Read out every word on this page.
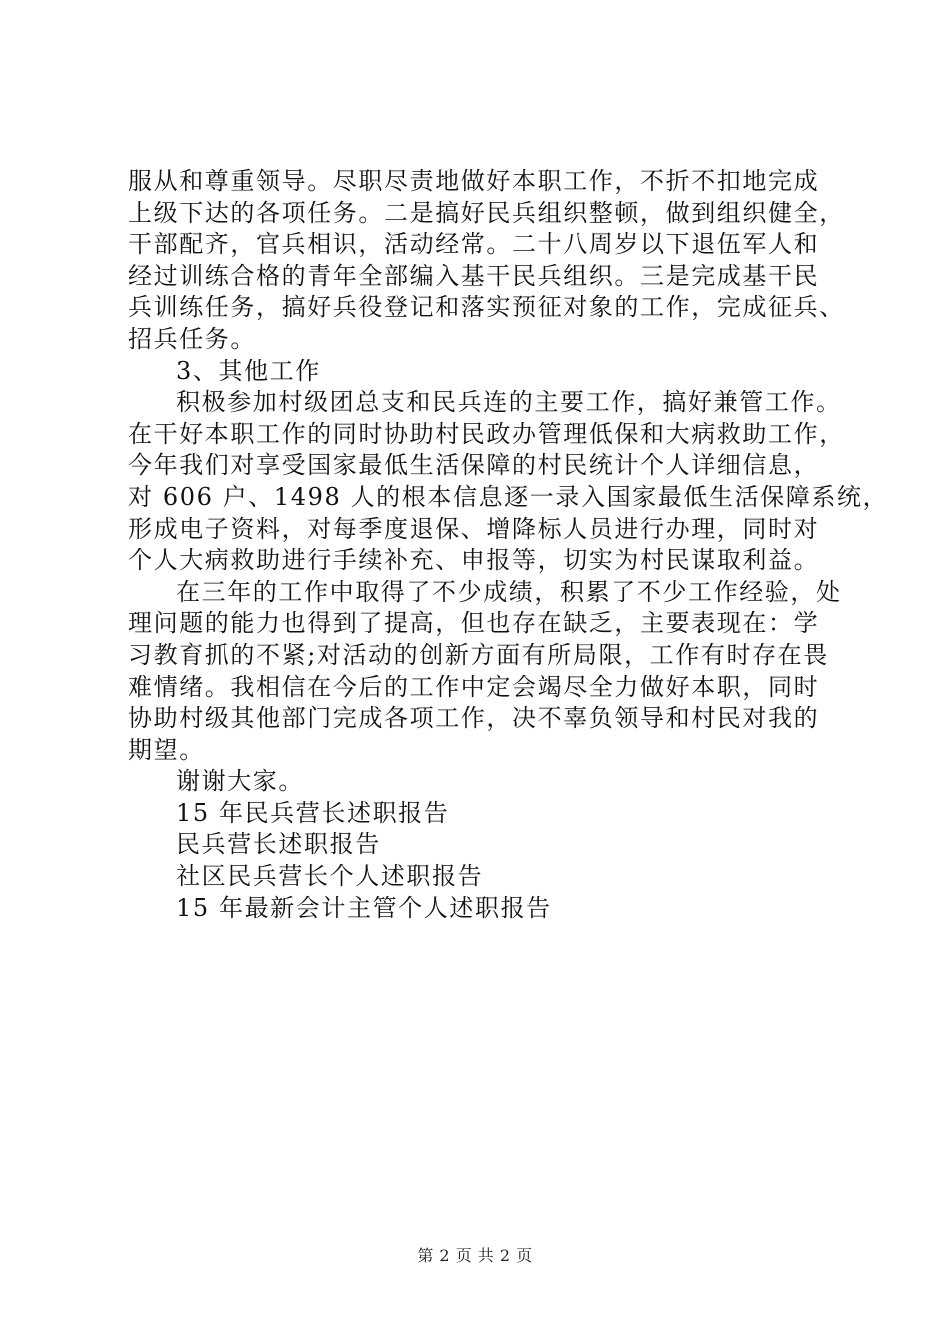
服从和尊重领导。尽职尽责地做好本职工作，不折不扣地完成
上级下达的各项任务。二是搞好民兵组织整顿，做到组织健全，
干部配齐，官兵相识，活动经常。二十八周岁以下退伍军人和
经过训练合格的青年全部编入基干民兵组织。三是完成基干民
兵训练任务，搞好兵役登记和落实预征对象的工作，完成征兵、
招兵任务。
3、其他工作
积极参加村级团总支和民兵连的主要工作，搞好兼管工作。
在干好本职工作的同时协助村民政办管理低保和大病救助工作，
今年我们对享受国家最低生活保障的村民统计个人详细信息，
对 606 户、1498 人的根本信息逐一录入国家最低生活保障系统，
形成电子资料，对每季度退保、增降标人员进行办理，同时对
个人大病救助进行手续补充、申报等，切实为村民谋取利益。
在三年的工作中取得了不少成绩，积累了不少工作经验，处
理问题的能力也得到了提高，但也存在缺乏，主要表现在：学
习教育抓的不紧;对活动的创新方面有所局限，工作有时存在畏
难情绪。我相信在今后的工作中定会竭尽全力做好本职，同时
协助村级其他部门完成各项工作，决不辜负领导和村民对我的
期望。
谢谢大家。
15 年民兵营长述职报告
民兵营长述职报告
社区民兵营长个人述职报告
15 年最新会计主管个人述职报告
第 2 页 共 2 页
